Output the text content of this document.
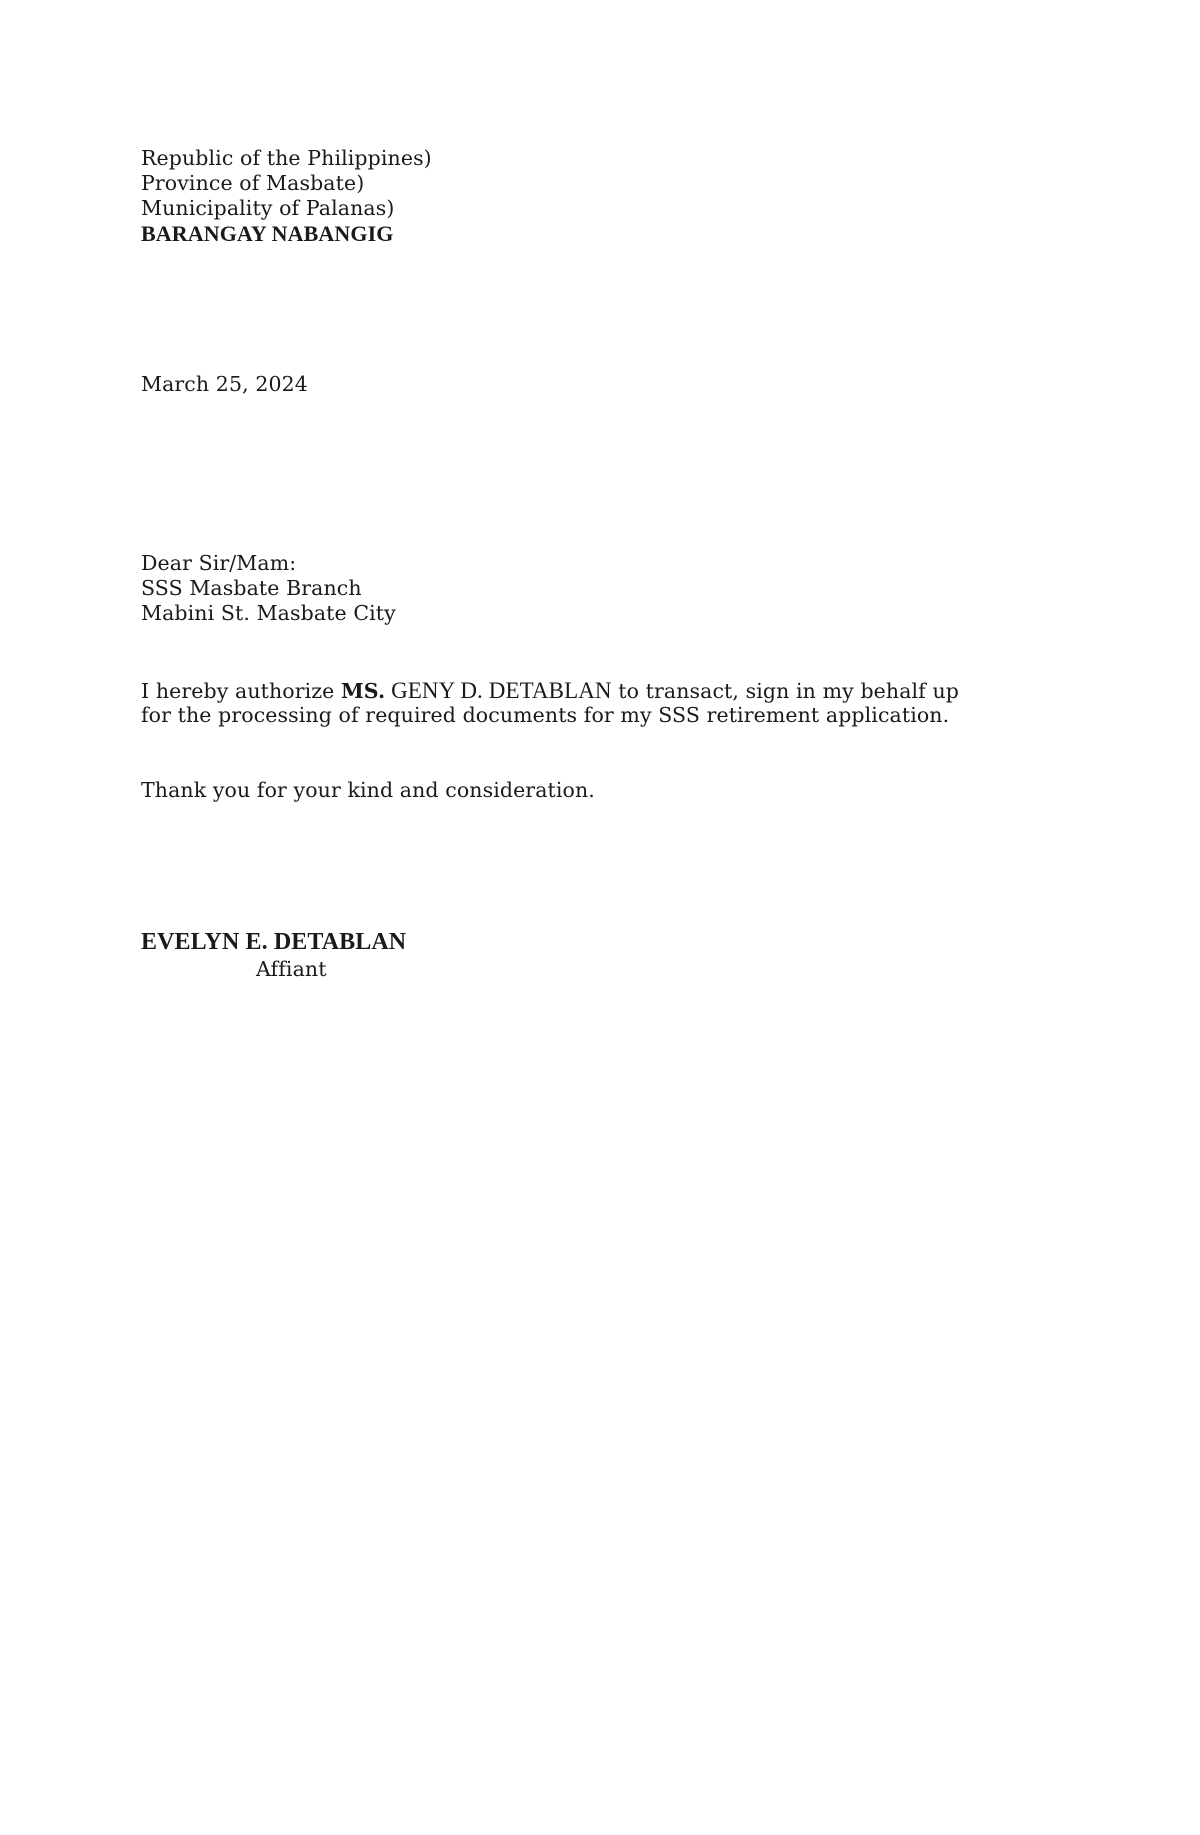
Republic of the Philippines)
Province of Masbate)
Municipality of Palanas)
BARANGAY NABANGIG
March 25, 2024
Dear Sir/Mam:
SSS Masbate Branch
Mabini St. Masbate City
I hereby authorize MS. GENY D. DETABLAN to transact, sign in my behalf up
for the processing of required documents for my SSS retirement application.
Thank you for your kind and consideration.
EVELYN E. DETABLAN
Affiant
